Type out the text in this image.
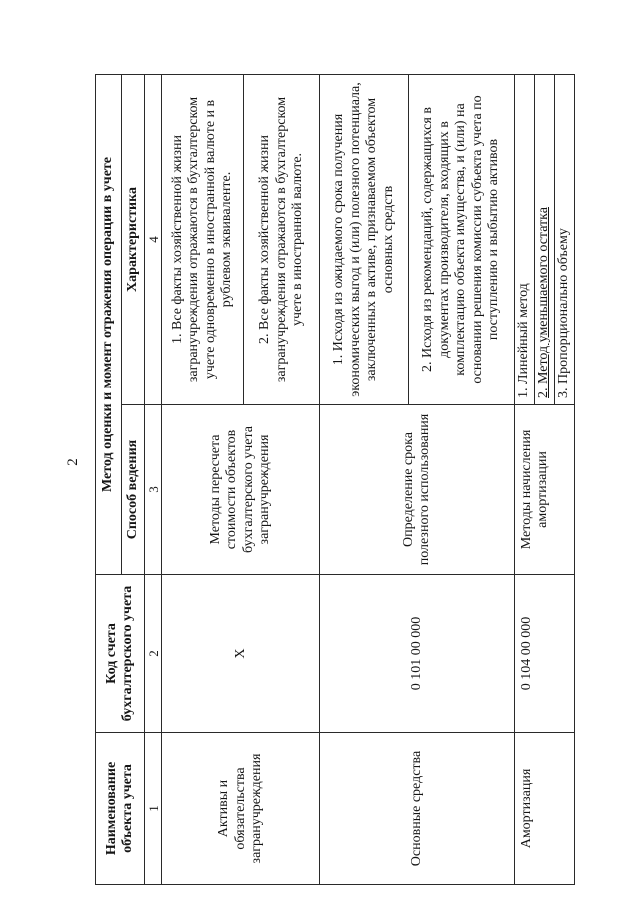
2
Наименование объекта учета	Код счета бухгалтерского учета	Метод оценки и момент отражения операции в учете	
		Способ ведения	Характеристика
1	2	3	4
Активы и обязательства загранучреждения	X	Методы пересчета стоимости объектов бухгалтерского учета загранучреждения	1. Все факты хозяйственной жизни загранучреждения отражаются в бухгалтерском учете одновременно в иностранной валюте и в рублевом эквиваленте.
			2. Все факты хозяйственной жизни загранучреждения отражаются в бухгалтерском учете в иностранной валюте.
Основные средства	0 101 00 000	Определение срока полезного использования	1. Исходя из ожидаемого срока получения экономических выгод и (или) полезного потенциала, заключенных в активе, признаваемом объектом основных средств
			2. Исходя из рекомендаций, содержащихся в документах производителя, входящих в комплектацию объекта имущества, и (или) на основании решения комиссии субъекта учета по поступлению и выбытию активов
Амортизация	0 104 00 000	Методы начисления амортизации	1. Линейный метод
			2. Метод уменьшаемого остатка
			3. Пропорционально объему
